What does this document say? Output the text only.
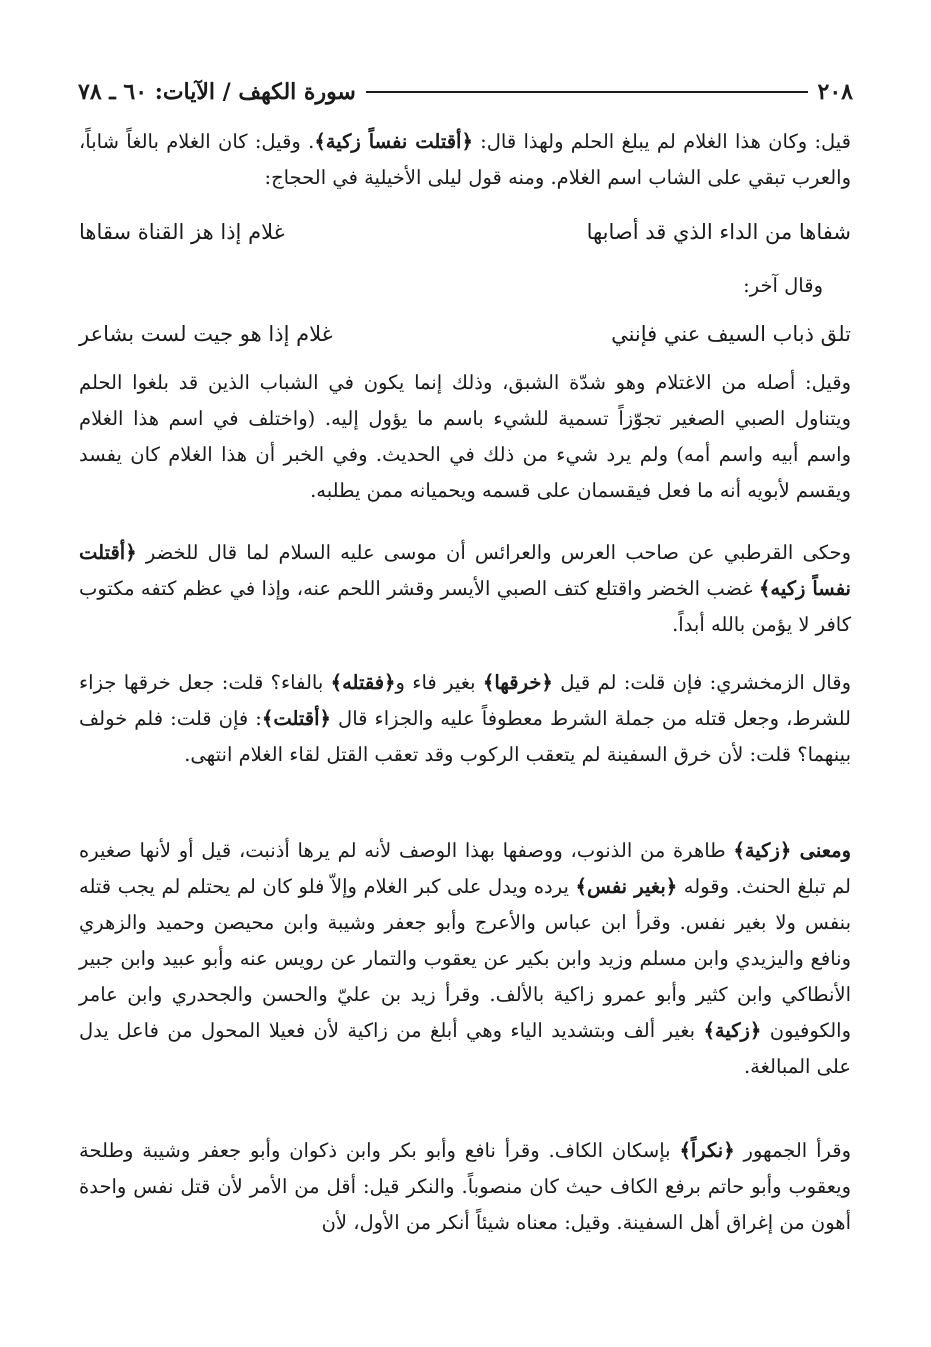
٢٠٨
سورة الكهف / الآيات: ٦٠ ـ ٧٨

قيل: وكان هذا الغلام لم يبلغ الحلم ولهذا قال: ﴿أقتلت نفساً زكية﴾. وقيل: كان الغلام بالغاً شاباً، والعرب تبقي على الشاب اسم الغلام. ومنه قول ليلى الأخيلية في الحجاج:

شفاها من الداء الذي قد أصابها
غلام إذا هز القناة سقاها
وقال آخر:
تلق ذباب السيف عني فإنني
غلام إذا هو جيت لست بشاعر

وقيل: أصله من الاغتلام وهو شدّة الشبق، وذلك إنما يكون في الشباب الذين قد بلغوا الحلم ويتناول الصبي الصغير تجوّزاً تسمية للشيء باسم ما يؤول إليه. (واختلف في اسم هذا الغلام واسم أبيه واسم أمه) ولم يرد شيء من ذلك في الحديث. وفي الخبر أن هذا الغلام كان يفسد ويقسم لأبويه أنه ما فعل فيقسمان على قسمه ويحميانه ممن يطلبه.

وحكى القرطبي عن صاحب العرس والعرائس أن موسى عليه السلام لما قال للخضر ﴿أقتلت نفساً زكيه﴾ غضب الخضر واقتلع كتف الصبي الأيسر وقشر اللحم عنه، وإذا في عظم كتفه مكتوب كافر لا يؤمن بالله أبداً.

وقال الزمخشري: فإن قلت: لم قيل ﴿خرقها﴾ بغير فاء و﴿فقتله﴾ بالفاء؟ قلت: جعل خرقها جزاء للشرط، وجعل قتله من جملة الشرط معطوفاً عليه والجزاء قال ﴿أقتلت﴾: فإن قلت: فلم خولف بينهما؟ قلت: لأن خرق السفينة لم يتعقب الركوب وقد تعقب القتل لقاء الغلام انتهى.

ومعنى ﴿زكية﴾ طاهرة من الذنوب، ووصفها بهذا الوصف لأنه لم يرها أذنبت، قيل أو لأنها صغيره لم تبلغ الحنث. وقوله ﴿بغير نفس﴾ يرده ويدل على كبر الغلام وإلاّ فلو كان لم يحتلم لم يجب قتله بنفس ولا بغير نفس. وقرأ ابن عباس والأعرج وأبو جعفر وشيبة وابن محيصن وحميد والزهري ونافع واليزيدي وابن مسلم وزيد وابن بكير عن يعقوب والتمار عن رويس عنه وأبو عبيد وابن جبير الأنطاكي وابن كثير وأبو عمرو زاكية بالألف. وقرأ زيد بن عليّ والحسن والجحدري وابن عامر والكوفيون ﴿زكية﴾ بغير ألف وبتشديد الياء وهي أبلغ من زاكية لأن فعيلا المحول من فاعل يدل على المبالغة.

وقرأ الجمهور ﴿نكراً﴾ بإسكان الكاف. وقرأ نافع وأبو بكر وابن ذكوان وأبو جعفر وشيبة وطلحة ويعقوب وأبو حاتم برفع الكاف حيث كان منصوباً. والنكر قيل: أقل من الأمر لأن قتل نفس واحدة أهون من إغراق أهل السفينة. وقيل: معناه شيئاً أنكر من الأول، لأن
